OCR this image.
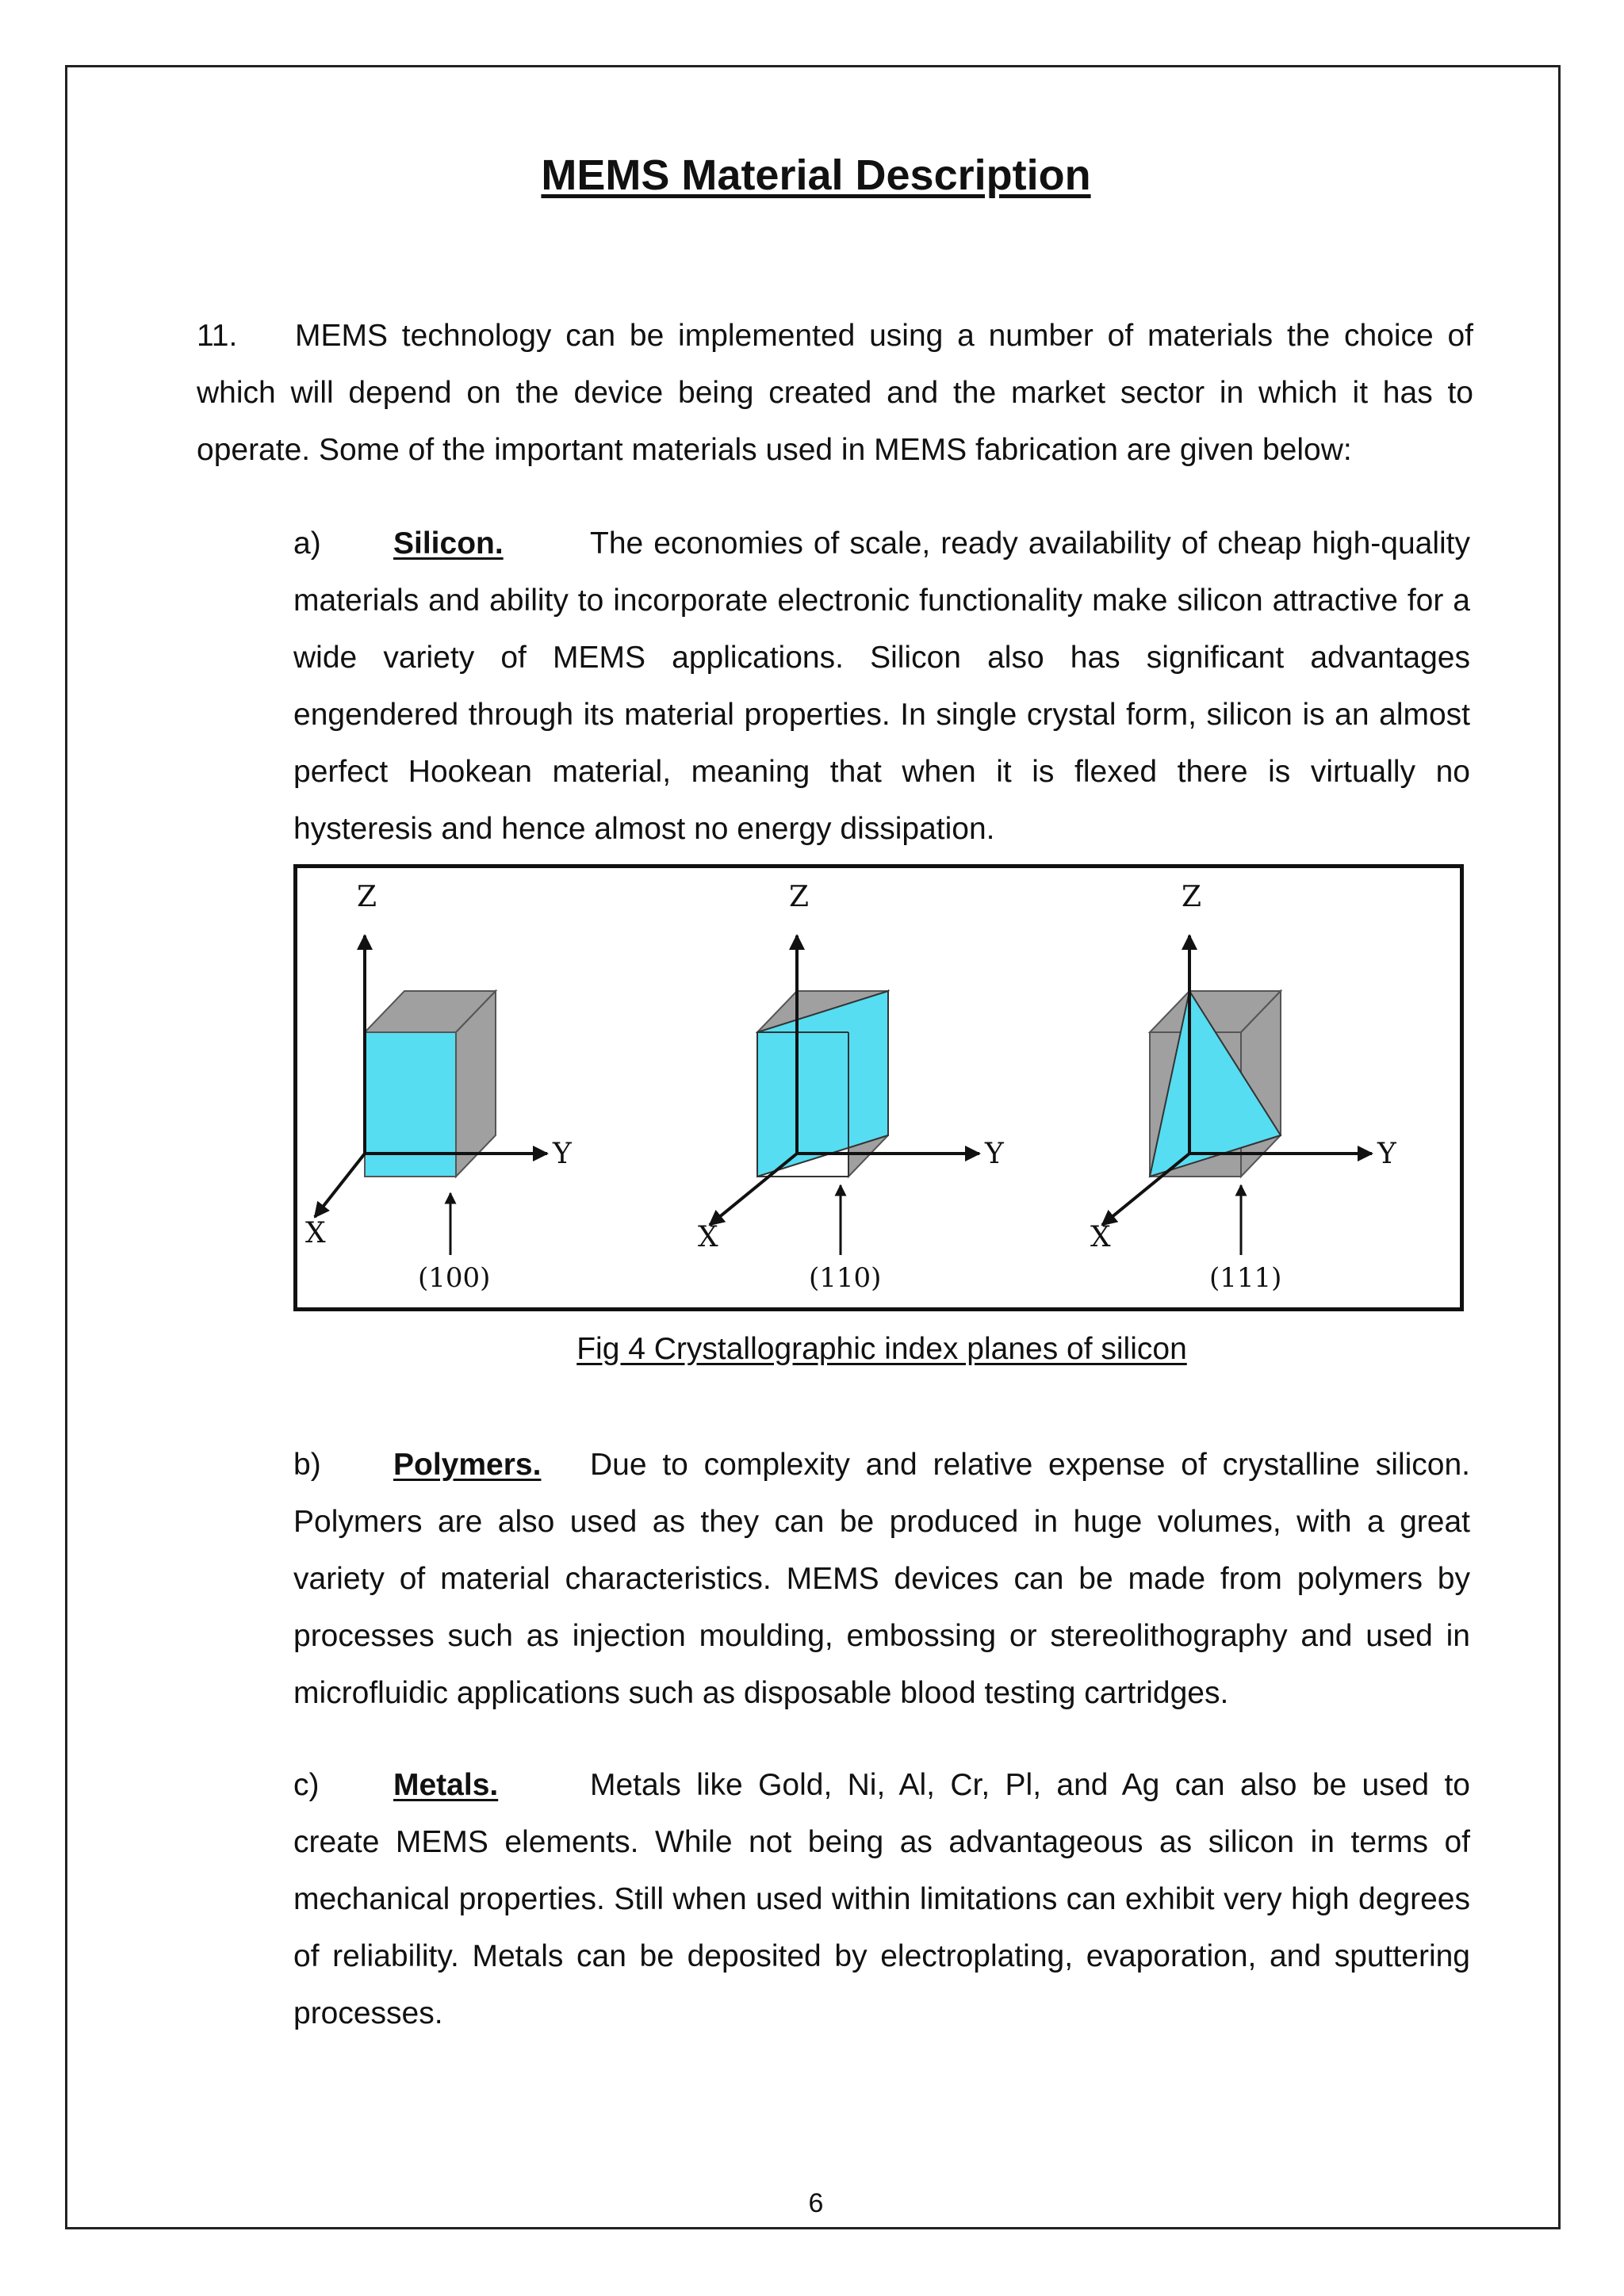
MEMS Material Description

11. MEMS technology can be implemented using a number of materials the choice of which will depend on the device being created and the market sector in which it has to operate. Some of the important materials used in MEMS fabrication are given below:

a) Silicon.	The economies of scale, ready availability of cheap high-quality materials and ability to incorporate electronic functionality make silicon attractive for a wide variety of MEMS applications. Silicon also has significant advantages engendered through its material properties. In single crystal form, silicon is an almost perfect Hookean material, meaning that when it is flexed there is virtually no hysteresis and hence almost no energy dissipation.

Z
Y
X
(100)
Z
Y
X
(110)
Z
Y
X
(111)
Fig 4 Crystallographic index planes of silicon

b) Polymers. Due to complexity and relative expense of crystalline silicon. Polymers are also used as they can be produced in huge volumes, with a great variety of material characteristics. MEMS devices can be made from polymers by processes such as injection moulding, embossing or stereolithography and used in microfluidic applications such as disposable blood testing cartridges.

c) Metals.	Metals like Gold, Ni, Al, Cr, Pl, and Ag can also be used to create MEMS elements. While not being as advantageous as silicon in terms of mechanical properties. Still when used within limitations can exhibit very high degrees of reliability. Metals can be deposited by electroplating, evaporation, and sputtering processes.

6
